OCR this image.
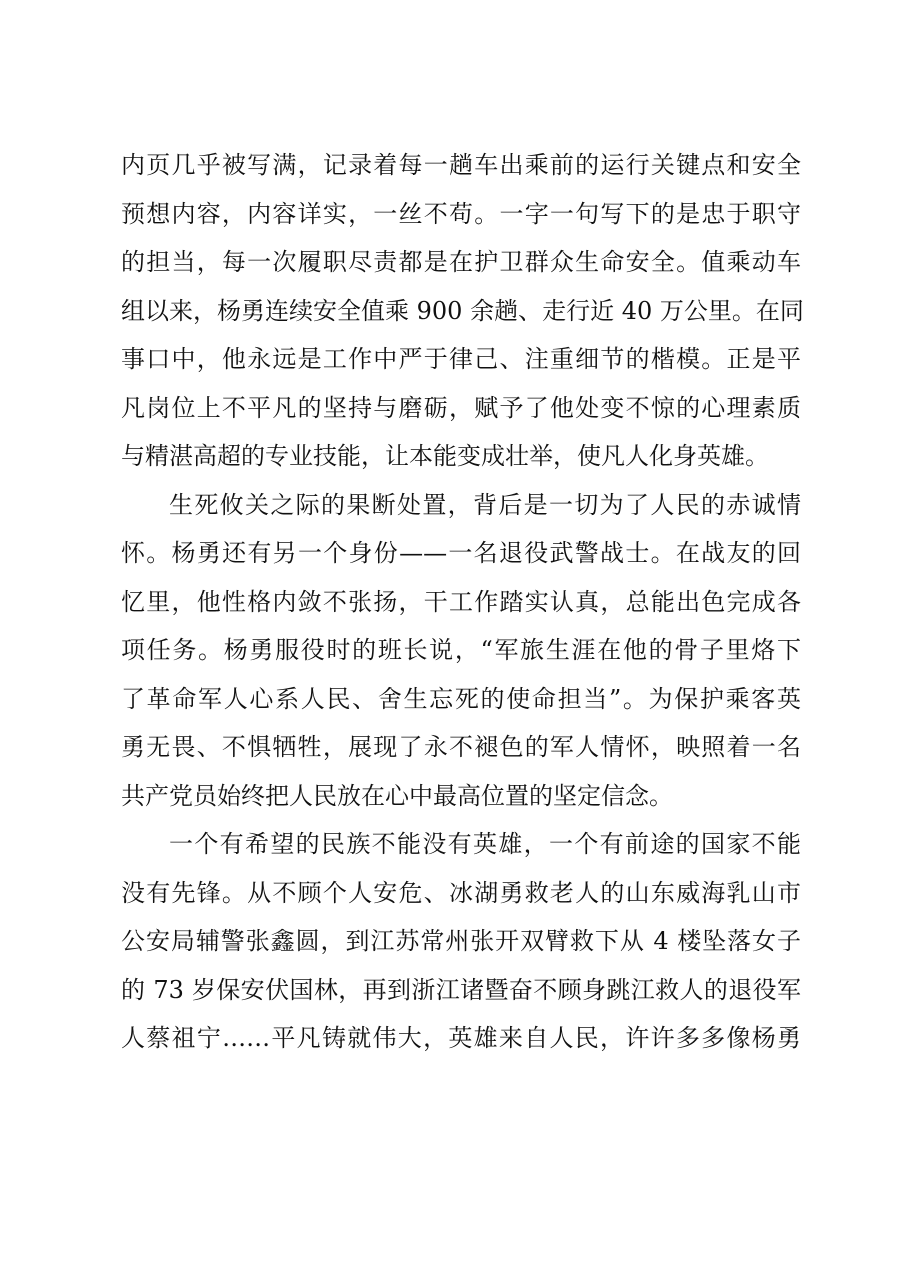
内页几乎被写满，记录着每一趟车出乘前的运行关键点和安全
预想内容，内容详实，一丝不苟。一字一句写下的是忠于职守
的担当，每一次履职尽责都是在护卫群众生命安全。值乘动车
组以来，杨勇连续安全值乘 900 余趟、走行近 40 万公里。在同
事口中，他永远是工作中严于律己、注重细节的楷模。正是平
凡岗位上不平凡的坚持与磨砺，赋予了他处变不惊的心理素质
与精湛高超的专业技能，让本能变成壮举，使凡人化身英雄。
生死攸关之际的果断处置，背后是一切为了人民的赤诚情
怀。杨勇还有另一个身份——一名退役武警战士。在战友的回
忆里，他性格内敛不张扬，干工作踏实认真，总能出色完成各
项任务。杨勇服役时的班长说，“军旅生涯在他的骨子里烙下
了革命军人心系人民、舍生忘死的使命担当”。为保护乘客英
勇无畏、不惧牺牲，展现了永不褪色的军人情怀，映照着一名
共产党员始终把人民放在心中最高位置的坚定信念。
一个有希望的民族不能没有英雄，一个有前途的国家不能
没有先锋。从不顾个人安危、冰湖勇救老人的山东威海乳山市
公安局辅警张鑫圆，到江苏常州张开双臂救下从 4 楼坠落女子
的 73 岁保安伏国林，再到浙江诸暨奋不顾身跳江救人的退役军
人蔡祖宁……平凡铸就伟大，英雄来自人民，许许多多像杨勇
